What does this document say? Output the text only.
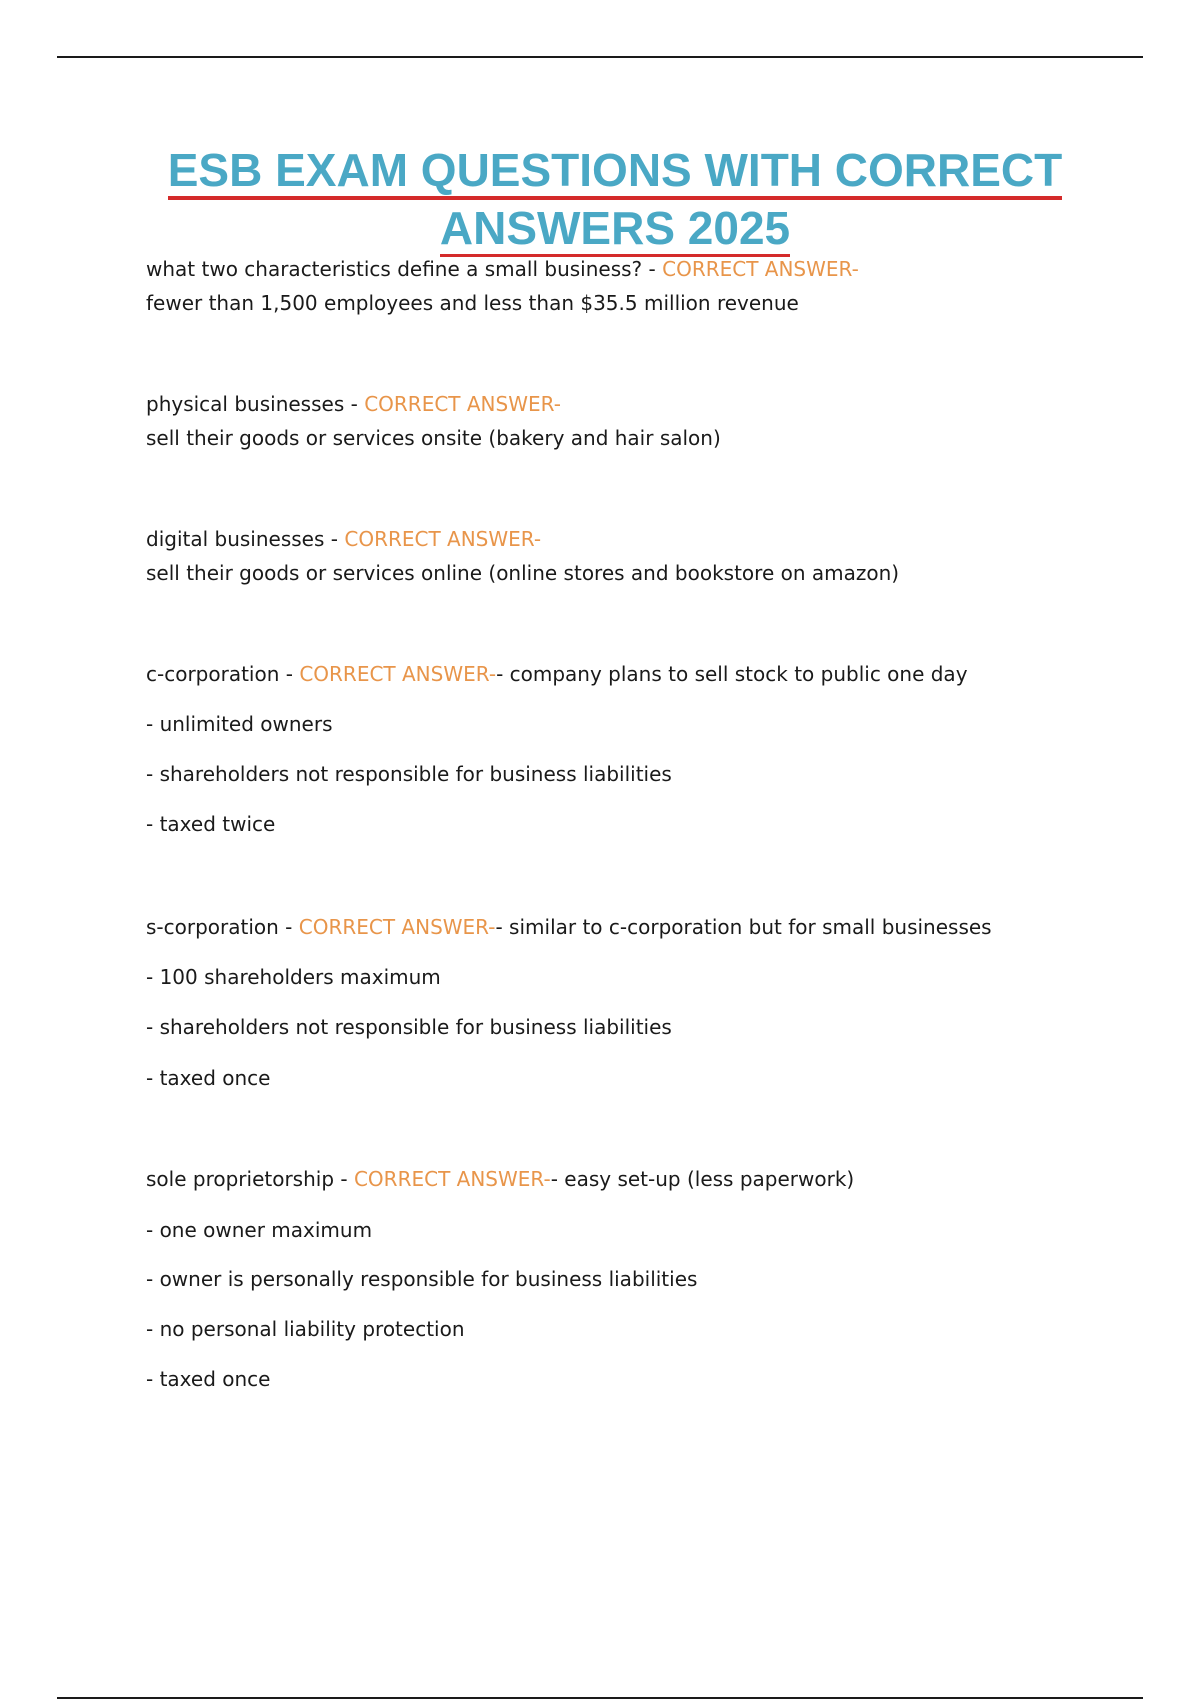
ESB EXAM QUESTIONS WITH CORRECT
ANSWERS 2025
what two characteristics define a small business? - CORRECT ANSWER-
fewer than 1,500 employees and less than $35.5 million revenue
physical businesses - CORRECT ANSWER-
sell their goods or services onsite (bakery and hair salon)
digital businesses - CORRECT ANSWER-
sell their goods or services online (online stores and bookstore on amazon)
c-corporation - CORRECT ANSWER-- company plans to sell stock to public one day
- unlimited owners
- shareholders not responsible for business liabilities
- taxed twice
s-corporation - CORRECT ANSWER-- similar to c-corporation but for small businesses
- 100 shareholders maximum
- shareholders not responsible for business liabilities
- taxed once
sole proprietorship - CORRECT ANSWER-- easy set-up (less paperwork)
- one owner maximum
- owner is personally responsible for business liabilities
- no personal liability protection
- taxed once
